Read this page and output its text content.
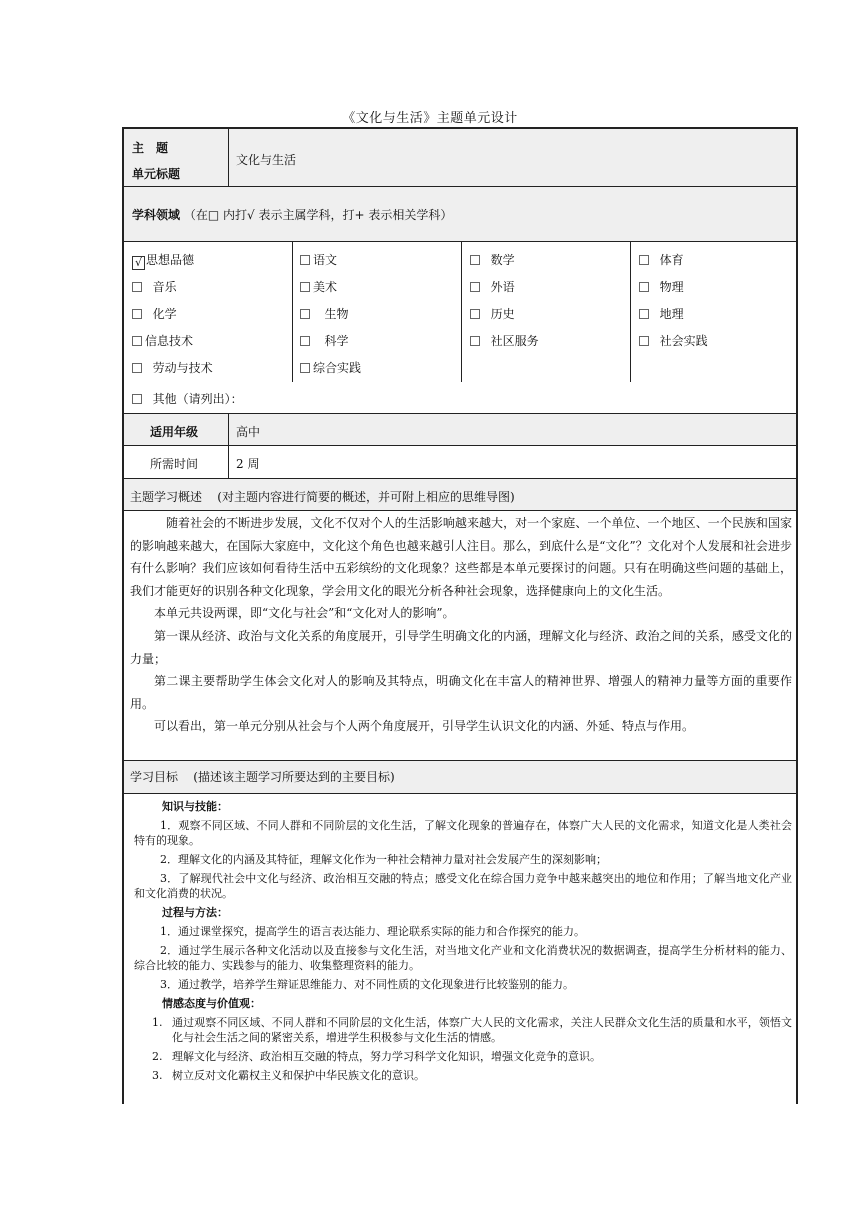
《文化与生活》主题单元设计
主　题
单元标题
文化与生活
学科领域 （在□ 内打√ 表示主属学科，打+ 表示相关学科）
√ 思想品德	语文	数学	体育
音乐	美术	外语	物理
化学	生物	历史	地理
信息技术	科学	社区服务	社会实践
劳动与技术	综合实践
其他（请列出）：
适用年级	高中
所需时间	2 周
主题学习概述 (对主题内容进行简要的概述，并可附上相应的思维导图)

随着社会的不断进步发展，文化不仅对个人的生活影响越来越大，对一个家庭、一个单位、一个地区、一个民族和国家的影响越来越大，在国际大家庭中，文化这个角色也越来越引人注目。那么，到底什么是“文化”？文化对个人发展和社会进步有什么影响？我们应该如何看待生活中五彩缤纷的文化现象？这些都是本单元要探讨的问题。只有在明确这些问题的基础上，我们才能更好的识别各种文化现象，学会用文化的眼光分析各种社会现象，选择健康向上的文化生活。

本单元共设两课，即“文化与社会”和“文化对人的影响”。

第一课从经济、政治与文化关系的角度展开，引导学生明确文化的内涵，理解文化与经济、政治之间的关系，感受文化的力量；

第二课主要帮助学生体会文化对人的影响及其特点，明确文化在丰富人的精神世界、增强人的精神力量等方面的重要作用。

可以看出，第一单元分别从社会与个人两个角度展开，引导学生认识文化的内涵、外延、特点与作用。

学习目标 (描述该主题学习所要达到的主要目标)

知识与技能：

1．观察不同区域、不同人群和不同阶层的文化生活，了解文化现象的普遍存在，体察广大人民的文化需求，知道文化是人类社会特有的现象。

2．理解文化的内涵及其特征，理解文化作为一种社会精神力量对社会发展产生的深刻影响；

3．了解现代社会中文化与经济、政治相互交融的特点；感受文化在综合国力竞争中越来越突出的地位和作用；了解当地文化产业和文化消费的状况。

过程与方法：

1．通过课堂探究，提高学生的语言表达能力、理论联系实际的能力和合作探究的能力。

2．通过学生展示各种文化活动以及直接参与文化生活，对当地文化产业和文化消费状况的数据调查，提高学生分析材料的能力、综合比较的能力、实践参与的能力、收集整理资料的能力。

3．通过教学，培养学生辩证思维能力、对不同性质的文化现象进行比较鉴别的能力。

情感态度与价值观：

1. 通过观察不同区域、不同人群和不同阶层的文化生活，体察广大人民的文化需求，关注人民群众文化生活的质量和水平，领悟文化与社会生活之间的紧密关系，增进学生积极参与文化生活的情感。
2. 理解文化与经济、政治相互交融的特点，努力学习科学文化知识，增强文化竞争的意识。
3. 树立反对文化霸权主义和保护中华民族文化的意识。
